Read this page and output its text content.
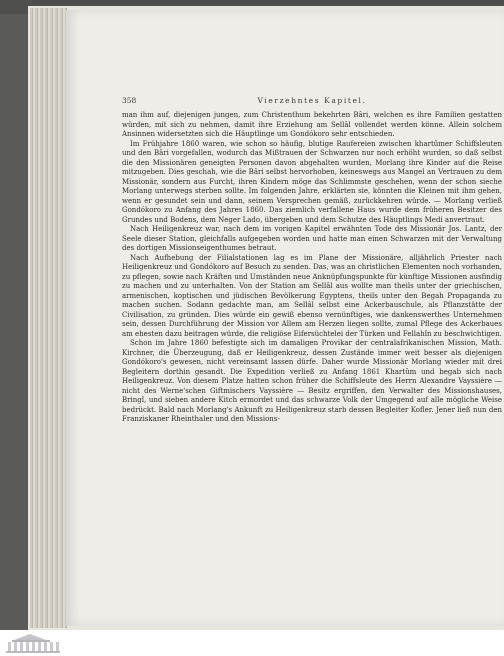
358	Vierzehntes Kapitel.

man ihm auf, diejenigen jungen, zum Christenthum bekehrten Bâri, welchen es ihre Familien gestatten würden, mit sich zu nehmen, damit ihre Erziehung am Sellâl vollendet werden könne. Allein solchem Ansinnen widersetzten sich die Häuptlinge um Gondókoro sehr entschieden.

Im Frühjahre 1860 waren, wie schon so häufig, blutige Raufereien zwischen khartûmer Schiffsleuten und den Bâri vorgefallen, wodurch das Mißtrauen der Schwarzen nur noch erhöht wurden, so daß selbst die den Missionären geneigten Personen davon abgehalten wurden, Morlang ihre Kinder auf die Reise mitzugeben. Dies geschah, wie die Bâri selbst hervorhoben, keineswegs aus Mangel an Vertrauen zu dem Missionär, sondern aus Furcht, ihren Kindern möge das Schlimmste geschehen, wenn der schon sieche Morlang unterwegs sterben sollte. Im folgenden Jahre, erklärten sie, könnten die Kleinen mit ihm gehen, wenn er gesundet sein und dann, seinem Versprechen gemäß, zurückkehren würde. — Morlang verließ Gondókoro zu Anfang des Jahres 1860. Das ziemlich verfallene Haus wurde dem früheren Besitzer des Grundes und Bodens, dem Neger Lado, übergeben und dem Schutze des Häuptlings Medi anvertraut.

Nach Heiligenkreuz war, nach dem im vorigen Kapitel erwähnten Tode des Missionär Jos. Lantz, der Seele dieser Station, gleichfalls aufgegeben worden und hatte man einen Schwarzen mit der Verwaltung des dortigen Missionseigenthumes betraut.

Nach Aufhebung der Filialstationen lag es im Plane der Missionäre, alljährlich Priester nach Heiligenkreuz und Gondókoro auf Besuch zu senden. Das, was an christlichen Elementen noch vorhanden, zu pflegen, sowie nach Kräften und Umständen neue Anknüpfungspunkte für künftige Missionen ausfindig zu machen und zu unterhalten. Von der Station am Sellâl aus wollte man theils unter der griechischen, armenischen, koptischen und jüdischen Bevölkerung Egyptens, theils unter den Begah Propaganda zu machen suchen. Sodann gedachte man, am Sellâl selbst eine Ackerbauschule, als Pflanzstätte der Civilisation, zu gründen. Dies würde ein gewiß ebenso vernünftiges, wie dankenswerthes Unternehmen sein, dessen Durchführung der Mission vor Allem am Herzen liegen sollte, zumal Pflege des Ackerbaues am ehesten dazu beitragen würde, die religiöse Eifersüchtelei der Türken und Fellahîn zu beschwichtigen.

Schon im Jahre 1860 befestigte sich im damaligen Provikar der centralafrikanischen Mission, Math. Kirchner, die Überzeugung, daß er Heiligenkreuz, dessen Zustände immer weit besser als diejenigen Gondókoro's gewesen, nicht vereinsamt lassen dürfe. Daher wurde Missionär Morlang wieder mit drei Begleitern dorthin gesandt. Die Expedition verließ zu Anfang 1861 Khartûm und begab sich nach Heiligenkreuz. Von diesem Platze hatten schon früher die Schiffsleute des Herrn Alexandre Vayssière — nicht des Werne'schen Giftmischers Vayssière — Besitz ergriffen, den Verwalter des Missionshauses, Bringî, und sieben andere Kitch ermordet und das schwarze Volk der Umgegend auf alle mögliche Weise bedrückt. Bald nach Morlang's Ankunft zu Heiligenkreuz starb dessen Begleiter Kofler. Jener ließ nun den Franziskaner Rheinthaler und den Missions-
